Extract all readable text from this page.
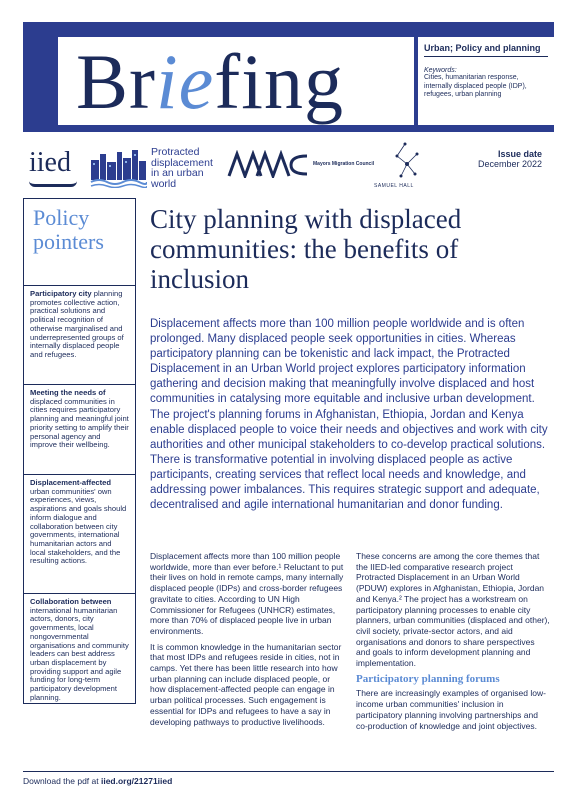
Briefing	Urban; Policy and planning
Keywords:
Cities, humanitarian response, internally displaced people (IDP), refugees, urban planning
iied	Protracted
displacement
in an urban
world
Mayors Migration Council
SAMUEL HALL
Issue date
December 2022
Policy
pointers
Participatory city planning promotes collective action, practical solutions and political recognition of otherwise marginalised and underrepresented groups of internally displaced people and refugees.
Meeting the needs of displaced communities in cities requires participatory planning and meaningful joint priority setting to amplify their personal agency and improve their wellbeing.
Displacement-affected urban communities' own experiences, views, aspirations and goals should inform dialogue and collaboration between city governments, international humanitarian actors and local stakeholders, and the resulting actions.
Collaboration between international humanitarian actors, donors, city governments, local nongovernmental organisations and community leaders can best address urban displacement by providing support and agile funding for long-term participatory development planning.
City planning with displaced communities: the benefits of inclusion
Displacement affects more than 100 million people worldwide and is often prolonged. Many displaced people seek opportunities in cities. Whereas participatory planning can be tokenistic and lack impact, the Protracted Displacement in an Urban World project explores participatory information gathering and decision making that meaningfully involve displaced and host communities in catalysing more equitable and inclusive urban development. The project's planning forums in Afghanistan, Ethiopia, Jordan and Kenya enable displaced people to voice their needs and objectives and work with city authorities and other municipal stakeholders to co-develop practical solutions. There is transformative potential in involving displaced people as active participants, creating services that reflect local needs and knowledge, and addressing power imbalances. This requires strategic support and adequate, decentralised and agile international humanitarian and donor funding.

Displacement affects more than 100 million people worldwide, more than ever before.¹ Reluctant to put their lives on hold in remote camps, many internally displaced people (IDPs) and cross-border refugees gravitate to cities. According to UN High Commissioner for Refugees (UNHCR) estimates, more than 70% of displaced people live in urban environments.

It is common knowledge in the humanitarian sector that most IDPs and refugees reside in cities, not in camps. Yet there has been little research into how urban planning can include displaced people, or how displacement-affected people can engage in urban political processes. Such engagement is essential for IDPs and refugees to have a say in developing pathways to productive livelihoods.

These concerns are among the core themes that the IIED-led comparative research project Protracted Displacement in an Urban World (PDUW) explores in Afghanistan, Ethiopia, Jordan and Kenya.² The project has a workstream on participatory planning processes to enable city planners, urban communities (displaced and other), civil society, private-sector actors, and aid organisations and donors to share perspectives and goals to inform development planning and implementation.

Participatory planning forums

There are increasingly examples of organised low-income urban communities' inclusion in participatory planning involving partnerships and co-production of knowledge and joint objectives.

Download the pdf at iied.org/21271iied
